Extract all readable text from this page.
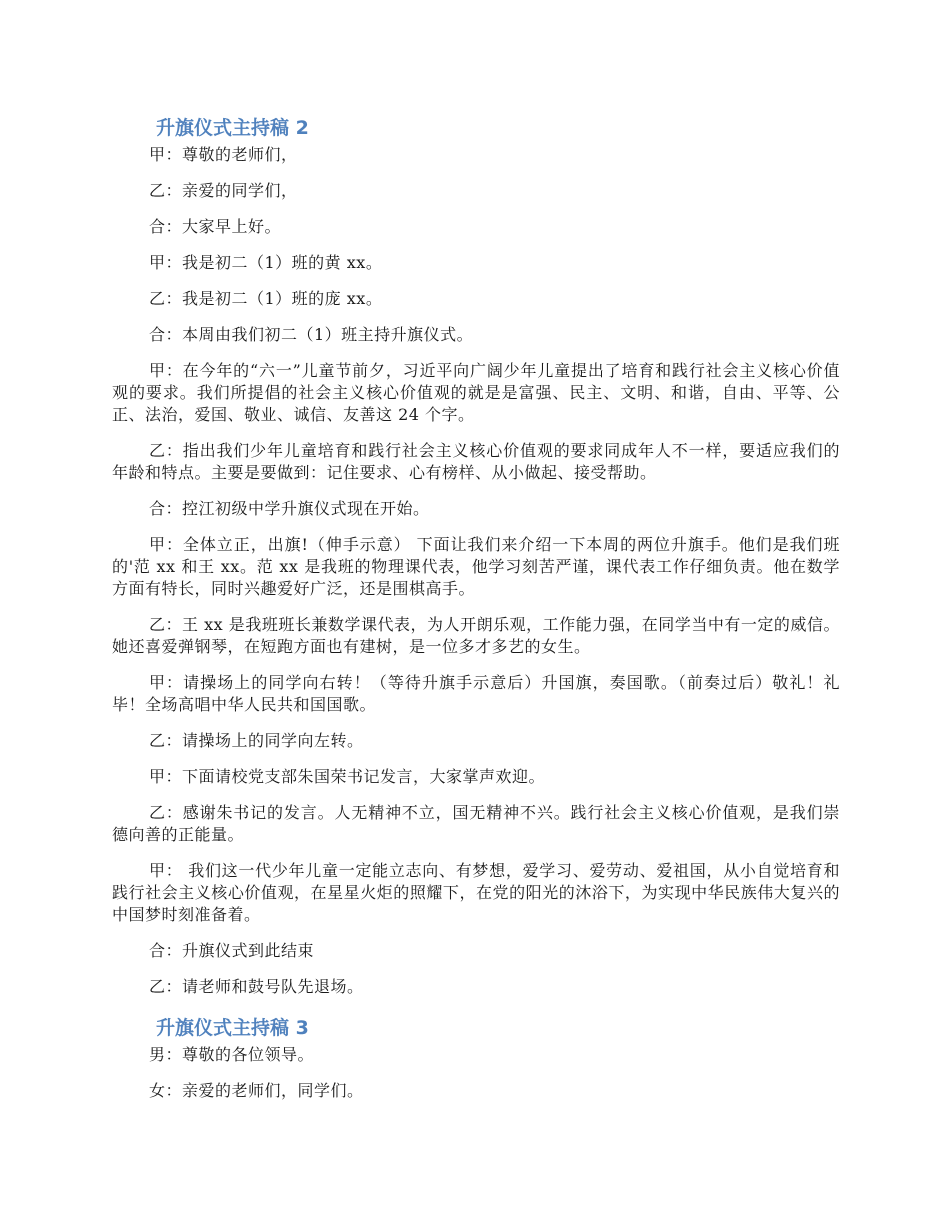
升旗仪式主持稿 2

甲：尊敬的老师们，

乙：亲爱的同学们，

合：大家早上好。

甲：我是初二（1）班的黄 xx。

乙：我是初二（1）班的庞 xx。

合：本周由我们初二（1）班主持升旗仪式。

甲：在今年的“六一”儿童节前夕，习近平向广阔少年儿童提出了培育和践行社会主义核心价值观的要求。我们所提倡的社会主义核心价值观的就是是富强、民主、文明、和谐，自由、平等、公正、法治，爱国、敬业、诚信、友善这 24 个字。

乙：指出我们少年儿童培育和践行社会主义核心价值观的要求同成年人不一样，要适应我们的年龄和特点。主要是要做到：记住要求、心有榜样、从小做起、接受帮助。

合：控江初级中学升旗仪式现在开始。

甲：全体立正，出旗!（伸手示意） 下面让我们来介绍一下本周的两位升旗手。他们是我们班的'范 xx 和王 xx。范 xx 是我班的物理课代表，他学习刻苦严谨，课代表工作仔细负责。他在数学方面有特长，同时兴趣爱好广泛，还是围棋高手。

乙：王 xx 是我班班长兼数学课代表，为人开朗乐观，工作能力强，在同学当中有一定的威信。她还喜爱弹钢琴，在短跑方面也有建树，是一位多才多艺的女生。

甲：请操场上的同学向右转！（等待升旗手示意后）升国旗，奏国歌。（前奏过后）敬礼！礼毕！全场高唱中华人民共和国国歌。

乙：请操场上的同学向左转。

甲：下面请校党支部朱国荣书记发言，大家掌声欢迎。

乙：感谢朱书记的发言。人无精神不立，国无精神不兴。践行社会主义核心价值观，是我们崇德向善的正能量。

甲： 我们这一代少年儿童一定能立志向、有梦想，爱学习、爱劳动、爱祖国，从小自觉培育和践行社会主义核心价值观，在星星火炬的照耀下，在党的阳光的沐浴下，为实现中华民族伟大复兴的中国梦时刻准备着。

合：升旗仪式到此结束

乙：请老师和鼓号队先退场。

升旗仪式主持稿 3

男：尊敬的各位领导。

女：亲爱的老师们，同学们。
